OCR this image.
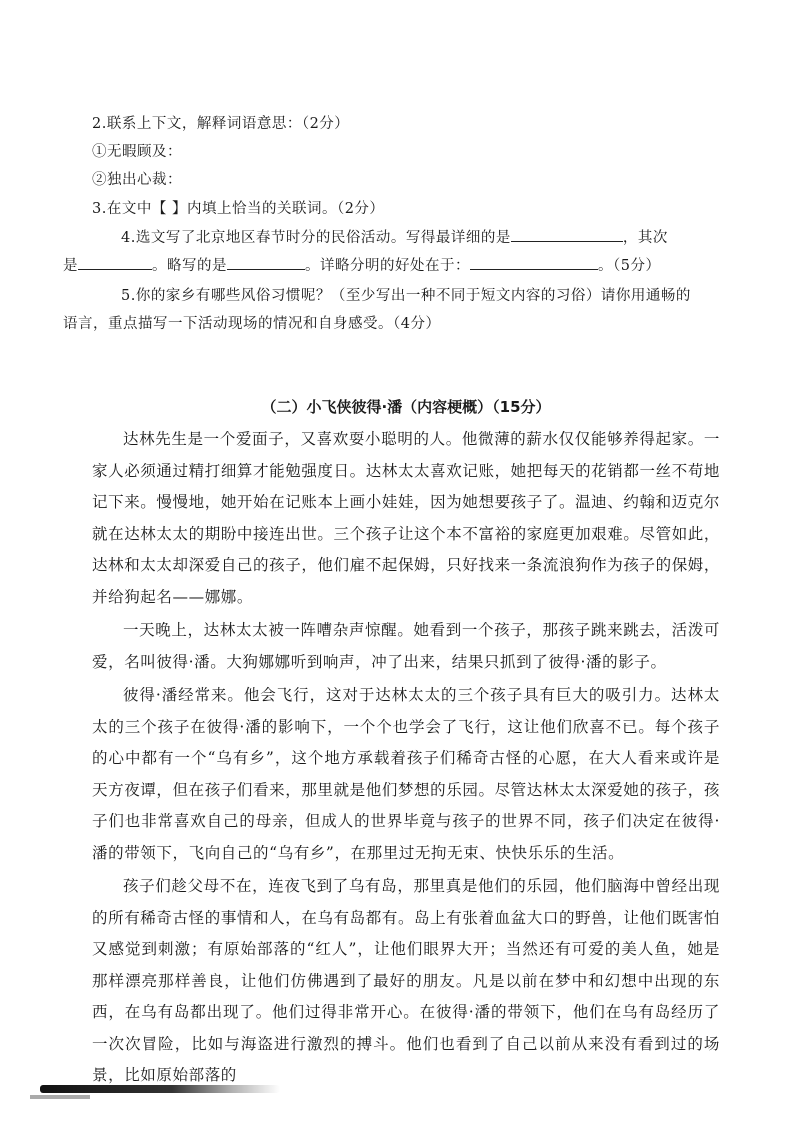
2.联系上下文，解释词语意思：（2分）
①无暇顾及：
②独出心裁：
3.在文中【 】内填上恰当的关联词。（2分）
4.选文写了北京地区春节时分的民俗活动。写得最详细的是	，其次
是	。略写的是	。详略分明的好处在于：	。（5分）
5.你的家乡有哪些风俗习惯呢？（至少写出一种不同于短文内容的习俗）请你用通畅的
语言，重点描写一下活动现场的情况和自身感受。（4分）
（二）小飞侠彼得·潘（内容梗概）（15分）

达林先生是一个爱面子，又喜欢耍小聪明的人。他微薄的薪水仅仅能够养得起家。一家人必须通过精打细算才能勉强度日。达林太太喜欢记账，她把每天的花销都一丝不苟地记下来。慢慢地，她开始在记账本上画小娃娃，因为她想要孩子了。温迪、约翰和迈克尔就在达林太太的期盼中接连出世。三个孩子让这个本不富裕的家庭更加艰难。尽管如此，达林和太太却深爱自己的孩子，他们雇不起保姆，只好找来一条流浪狗作为孩子的保姆，并给狗起名——娜娜。

一天晚上，达林太太被一阵嘈杂声惊醒。她看到一个孩子，那孩子跳来跳去，活泼可爱，名叫彼得·潘。大狗娜娜听到响声，冲了出来，结果只抓到了彼得·潘的影子。

彼得·潘经常来。他会飞行，这对于达林太太的三个孩子具有巨大的吸引力。达林太太的三个孩子在彼得·潘的影响下，一个个也学会了飞行，这让他们欣喜不已。每个孩子的心中都有一个“乌有乡”，这个地方承载着孩子们稀奇古怪的心愿，在大人看来或许是天方夜谭，但在孩子们看来，那里就是他们梦想的乐园。尽管达林太太深爱她的孩子，孩子们也非常喜欢自己的母亲，但成人的世界毕竟与孩子的世界不同，孩子们决定在彼得·潘的带领下，飞向自己的“乌有乡”，在那里过无拘无束、快快乐乐的生活。

孩子们趁父母不在，连夜飞到了乌有岛，那里真是他们的乐园，他们脑海中曾经出现的所有稀奇古怪的事情和人，在乌有岛都有。岛上有张着血盆大口的野兽，让他们既害怕又感觉到刺激；有原始部落的“红人”，让他们眼界大开；当然还有可爱的美人鱼，她是那样漂亮那样善良，让他们仿佛遇到了最好的朋友。凡是以前在梦中和幻想中出现的东西，在乌有岛都出现了。他们过得非常开心。在彼得·潘的带领下，他们在乌有岛经历了一次次冒险，比如与海盗进行激烈的搏斗。他们也看到了自己以前从来没有看到过的场景，比如原始部落的
